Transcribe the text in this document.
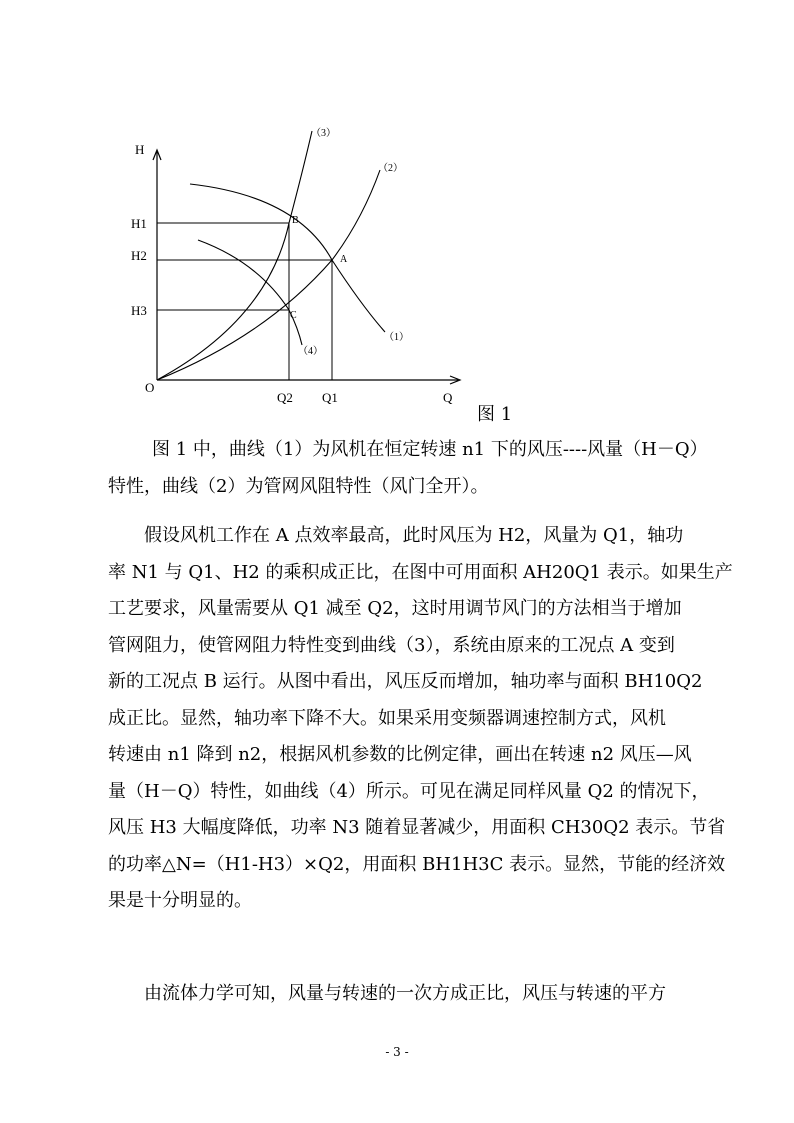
H
Q
O
H1
H2
H3
Q2 Q1
A
B
C
（1）
（2）
（3）
（4）
图 1
图 1 中，曲线（1）为风机在恒定转速 n1 下的风压----风量（H－Q）
特性，曲线（2）为管网风阻特性（风门全开）。
假设风机工作在 A 点效率最高，此时风压为 H2，风量为 Q1，轴功
率 N1 与 Q1、H2 的乘积成正比，在图中可用面积 AH20Q1 表示。如果生产
工艺要求，风量需要从 Q1 减至 Q2，这时用调节风门的方法相当于增加
管网阻力，使管网阻力特性变到曲线（3），系统由原来的工况点 A 变到
新的工况点 B 运行。从图中看出，风压反而增加，轴功率与面积 BH10Q2
成正比。显然，轴功率下降不大。如果采用变频器调速控制方式，风机
转速由 n1 降到 n2，根据风机参数的比例定律，画出在转速 n2 风压—风
量（H－Q）特性，如曲线（4）所示。可见在满足同样风量 Q2 的情况下，
风压 H3 大幅度降低，功率 N3 随着显著减少，用面积 CH30Q2 表示。节省
的功率△N=（H1-H3）×Q2，用面积 BH1H3C 表示。显然，节能的经济效
果是十分明显的。
由流体力学可知，风量与转速的一次方成正比，风压与转速的平方
- 3 -
